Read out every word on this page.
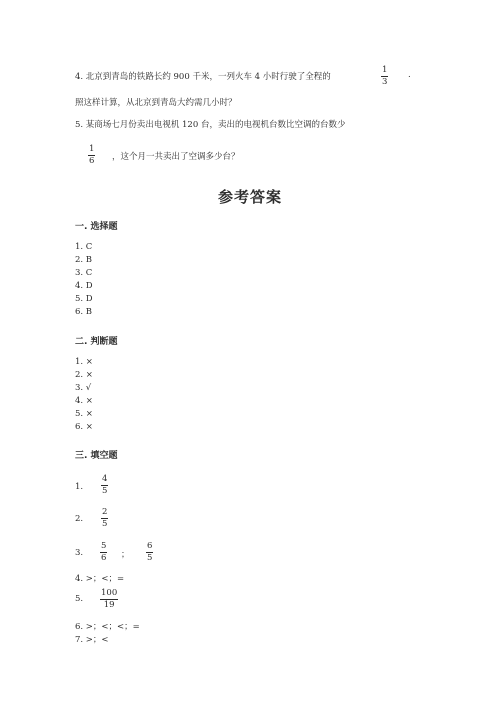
4. 北京到青岛的铁路长约 900 千米，一列火车 4 小时行驶了全程的
1
3
.
照这样计算，从北京到青岛大约需几小时？
5. 某商场七月份卖出电视机 120 台，卖出的电视机台数比空调的台数少
1
6 ，这个月一共卖出了空调多少台？
参考答案
一. 选择题
1. C
2. B
3. C
4. D
5. D
6. B
二. 判断题
1. ×
2. ×
3. √
4. ×
5. ×
6. ×
三. 填空题
1.
4
5
2.
2
5
3.
5
6 ；
6
5
4. >；<；=
5.
100
19
6. >；<；<；=
7. >；<
